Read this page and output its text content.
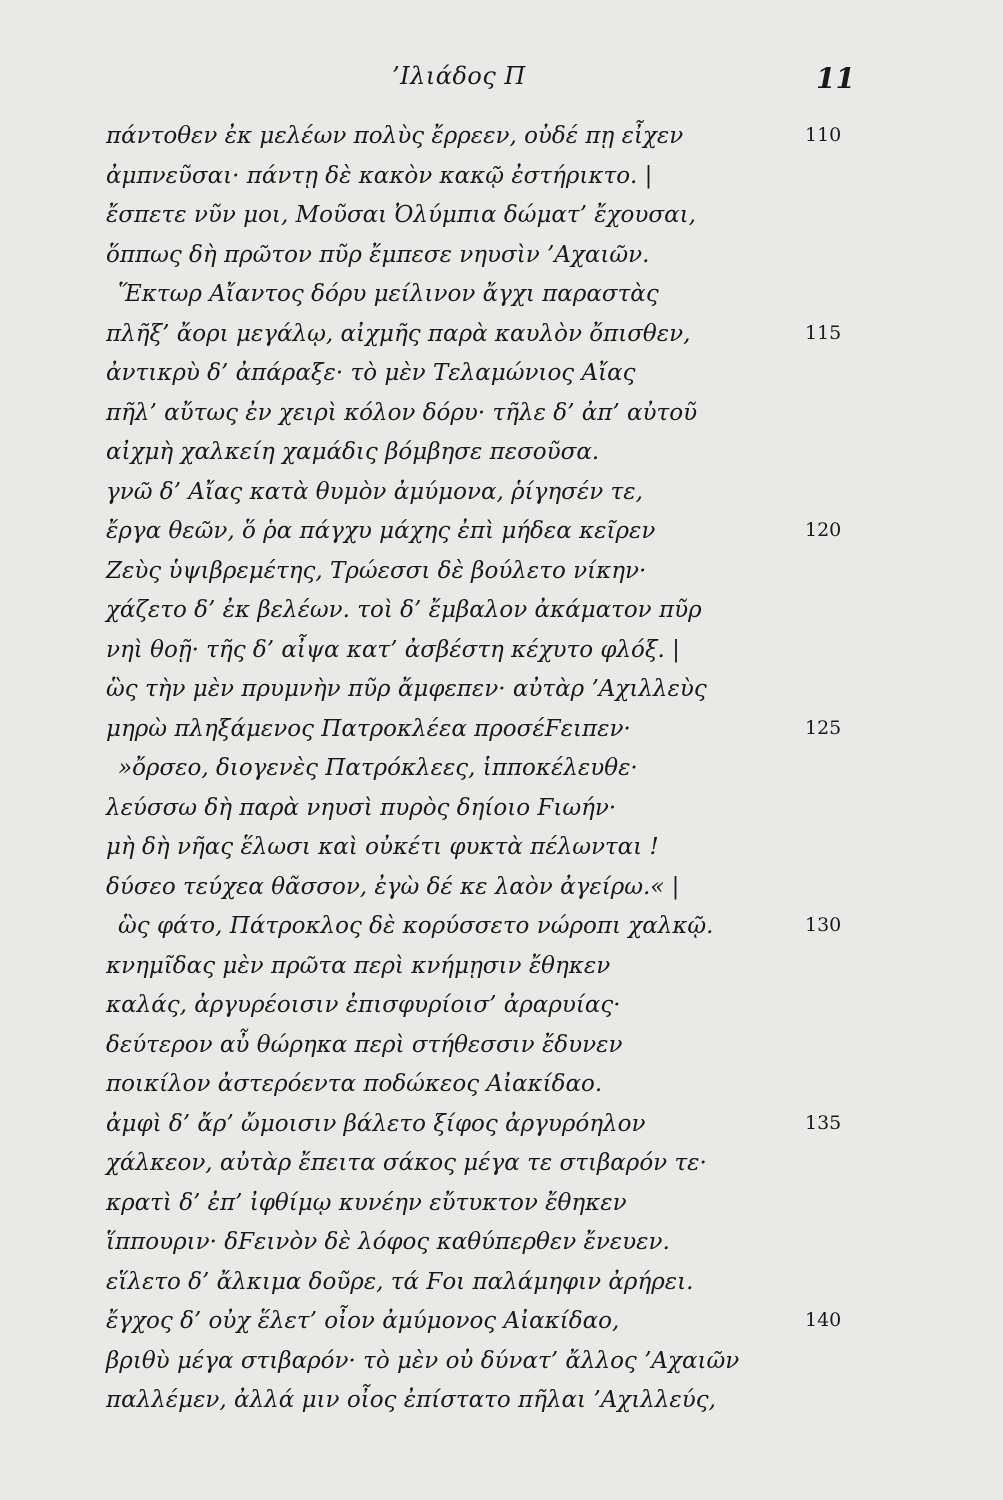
’Ιλιάδος Π	11
πάντοθεν ἐκ μελέων πολὺς ἔρρεεν, οὐδέ πῃ εἶχεν	110
ἀμπνεῦσαι· πάντῃ δὲ κακὸν κακῷ ἐστήρικτο. |
ἔσπετε νῦν μοι, Μοῦσαι Ὀλύμπια δώματ’ ἔχουσαι,
ὅππως δὴ πρῶτον πῦρ ἔμπεσε νηυσὶν ’Αχαιῶν.
Ἕκτωρ Αἴαντος δόρυ μείλινον ἄγχι παραστὰς
πλῆξ’ ἄορι μεγάλῳ, αἰχμῆς παρὰ καυλὸν ὄπισθεν,	115
ἀντικρὺ δ’ ἀπάραξε· τὸ μὲν Τελαμώνιος Αἴας
πῆλ’ αὔτως ἐν χειρὶ κόλον δόρυ· τῆλε δ’ ἀπ’ αὐτοῦ
αἰχμὴ χαλκείη χαμάδις βόμβησε πεσοῦσα.
γνῶ δ’ Αἴας κατὰ θυμὸν ἀμύμονα, ῥίγησέν τε,
ἔργα θεῶν, ὅ ῥα πάγχυ μάχης ἐπὶ μήδεα κεῖρεν	120
Ζεὺς ὑψιβρεμέτης, Τρώεσσι δὲ βούλετο νίκην·
χάζετο δ’ ἐκ βελέων. τοὶ δ’ ἔμβαλον ἀκάματον πῦρ
νηὶ θοῇ· τῆς δ’ αἶψα κατ’ ἀσβέστη κέχυτο φλόξ. |
ὣς τὴν μὲν πρυμνὴν πῦρ ἄμφεπεν· αὐτὰρ ’Αχιλλεὺς
μηρὼ πληξάμενος Πατροκλέεα προσέϜειπεν·	125
»ὄρσεο, διογενὲς Πατρόκλεες, ἱπποκέλευθε·
λεύσσω δὴ παρὰ νηυσὶ πυρὸς δηίοιο Ϝιωήν·
μὴ δὴ νῆας ἕλωσι καὶ οὐκέτι φυκτὰ πέλωνται !
δύσεο τεύχεα θᾶσσον, ἐγὼ δέ κε λαὸν ἀγείρω.« |
ὣς φάτο, Πάτροκλος δὲ κορύσσετο νώροπι χαλκῷ.	130
κνημῖδας μὲν πρῶτα περὶ κνήμῃσιν ἔθηκεν
καλάς, ἀργυρέοισιν ἐπισφυρίοισ’ ἀραρυίας·
δεύτερον αὖ θώρηκα περὶ στήθεσσιν ἔδυνεν
ποικίλον ἀστερόεντα ποδώκεος Αἰακίδαο.
ἀμφὶ δ’ ἄρ’ ὤμοισιν βάλετο ξίφος ἀργυρόηλον	135
χάλκεον, αὐτὰρ ἔπειτα σάκος μέγα τε στιβαρόν τε·
κρατὶ δ’ ἐπ’ ἰφθίμῳ κυνέην εὔτυκτον ἔθηκεν
ἵππουριν· δϜεινὸν δὲ λόφος καθύπερθεν ἔνευεν.
εἵλετο δ’ ἄλκιμα δοῦρε, τά Ϝοι παλάμηφιν ἀρήρει.
ἔγχος δ’ οὐχ ἕλετ’ οἶον ἀμύμονος Αἰακίδαο,	140
βριθὺ μέγα στιβαρόν· τὸ μὲν οὐ δύνατ’ ἄλλος ’Αχαιῶν
παλλέμεν, ἀλλά μιν οἶος ἐπίστατο πῆλαι ’Αχιλλεύς,
